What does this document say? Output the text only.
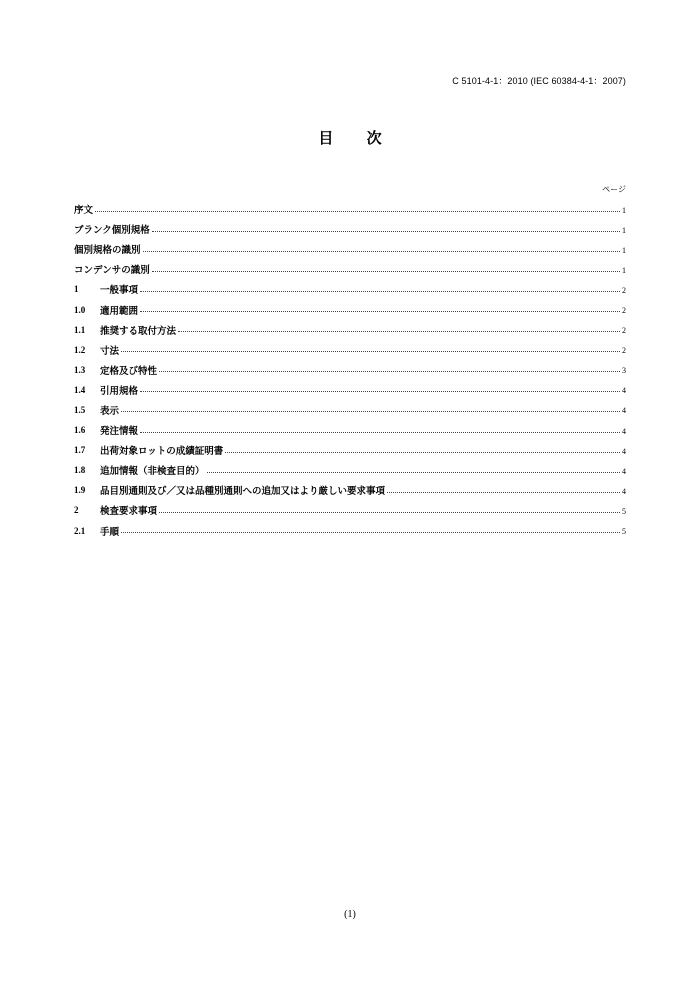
C 5101-4-1：2010 (IEC 60384-4-1：2007)
目 次
ページ
序文	1
ブランク個別規格	1
個別規格の識別	1
コンデンサの識別	1
1	一般事項	2
1.0	適用範囲	2
1.1	推奨する取付方法	2
1.2	寸法	2
1.3	定格及び特性	3
1.4	引用規格	4
1.5	表示	4
1.6	発注情報	4
1.7	出荷対象ロットの成績証明書	4
1.8	追加情報（非検査目的）	4
1.9	品目別通則及び／又は品種別通則への追加又はより厳しい要求事項	4
2	検査要求事項	5
2.1	手順	5
(1)
